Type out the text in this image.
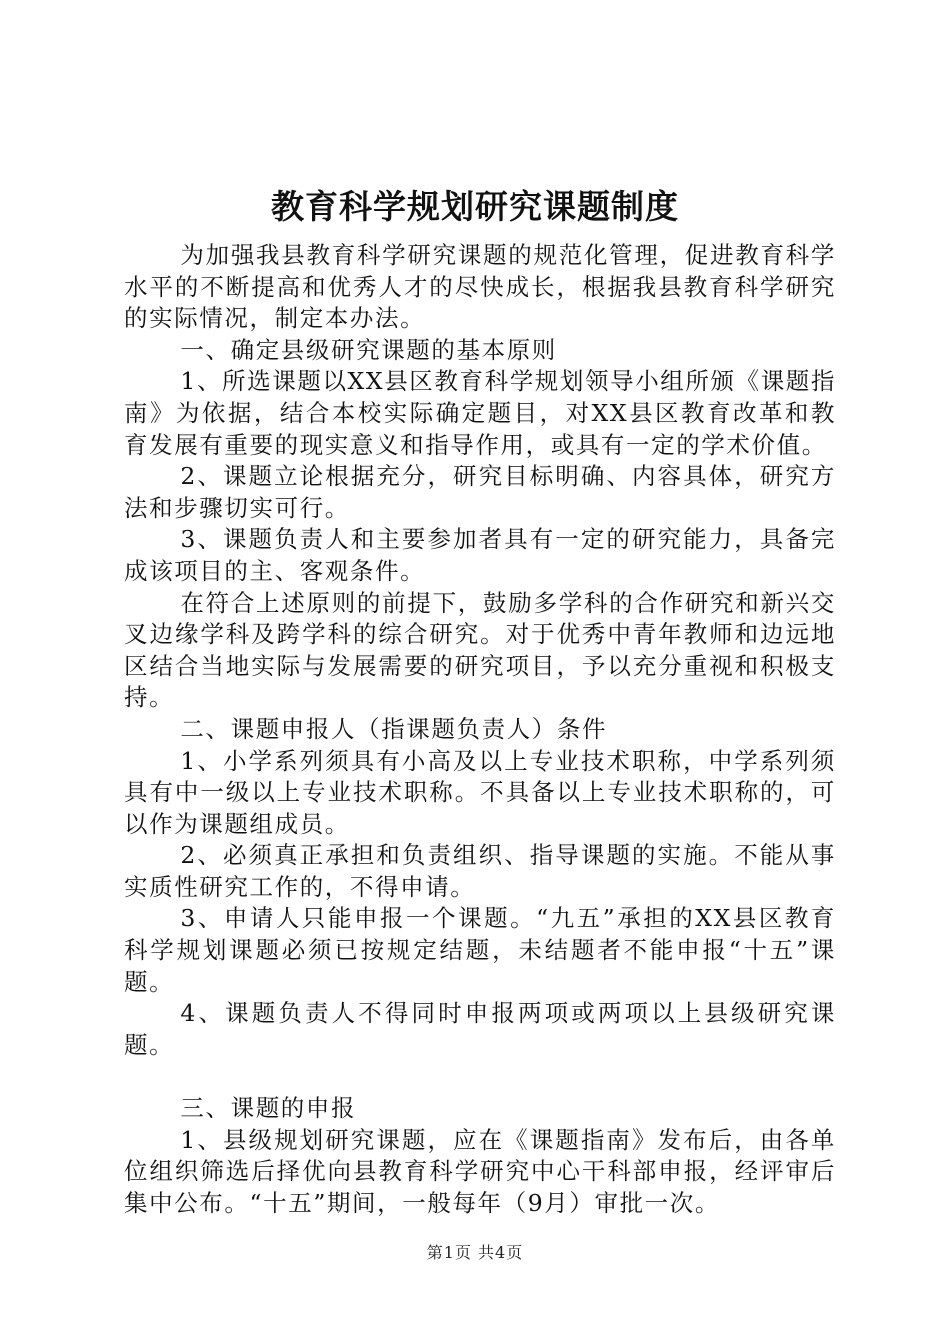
教育科学规划研究课题制度

为加强我县教育科学研究课题的规范化管理，促进教育科学水平的不断提高和优秀人才的尽快成长，根据我县教育科学研究的实际情况，制定本办法。

一、确定县级研究课题的基本原则

1、所选课题以XX县区教育科学规划领导小组所颁《课题指南》为依据，结合本校实际确定题目，对XX县区教育改革和教育发展有重要的现实意义和指导作用，或具有一定的学术价值。

2、课题立论根据充分，研究目标明确、内容具体，研究方法和步骤切实可行。

3、课题负责人和主要参加者具有一定的研究能力，具备完成该项目的主、客观条件。

在符合上述原则的前提下，鼓励多学科的合作研究和新兴交叉边缘学科及跨学科的综合研究。对于优秀中青年教师和边远地区结合当地实际与发展需要的研究项目，予以充分重视和积极支持。

二、课题申报人（指课题负责人）条件

1、小学系列须具有小高及以上专业技术职称，中学系列须具有中一级以上专业技术职称。不具备以上专业技术职称的，可以作为课题组成员。

2、必须真正承担和负责组织、指导课题的实施。不能从事实质性研究工作的，不得申请。

3、申请人只能申报一个课题。“九五”承担的XX县区教育科学规划课题必须已按规定结题，未结题者不能申报“十五”课题。

4、课题负责人不得同时申报两项或两项以上县级研究课题。

三、课题的申报

1、县级规划研究课题，应在《课题指南》发布后，由各单位组织筛选后择优向县教育科学研究中心干科部申报，经评审后集中公布。“十五”期间，一般每年（9月）审批一次。

第1页 共4页
